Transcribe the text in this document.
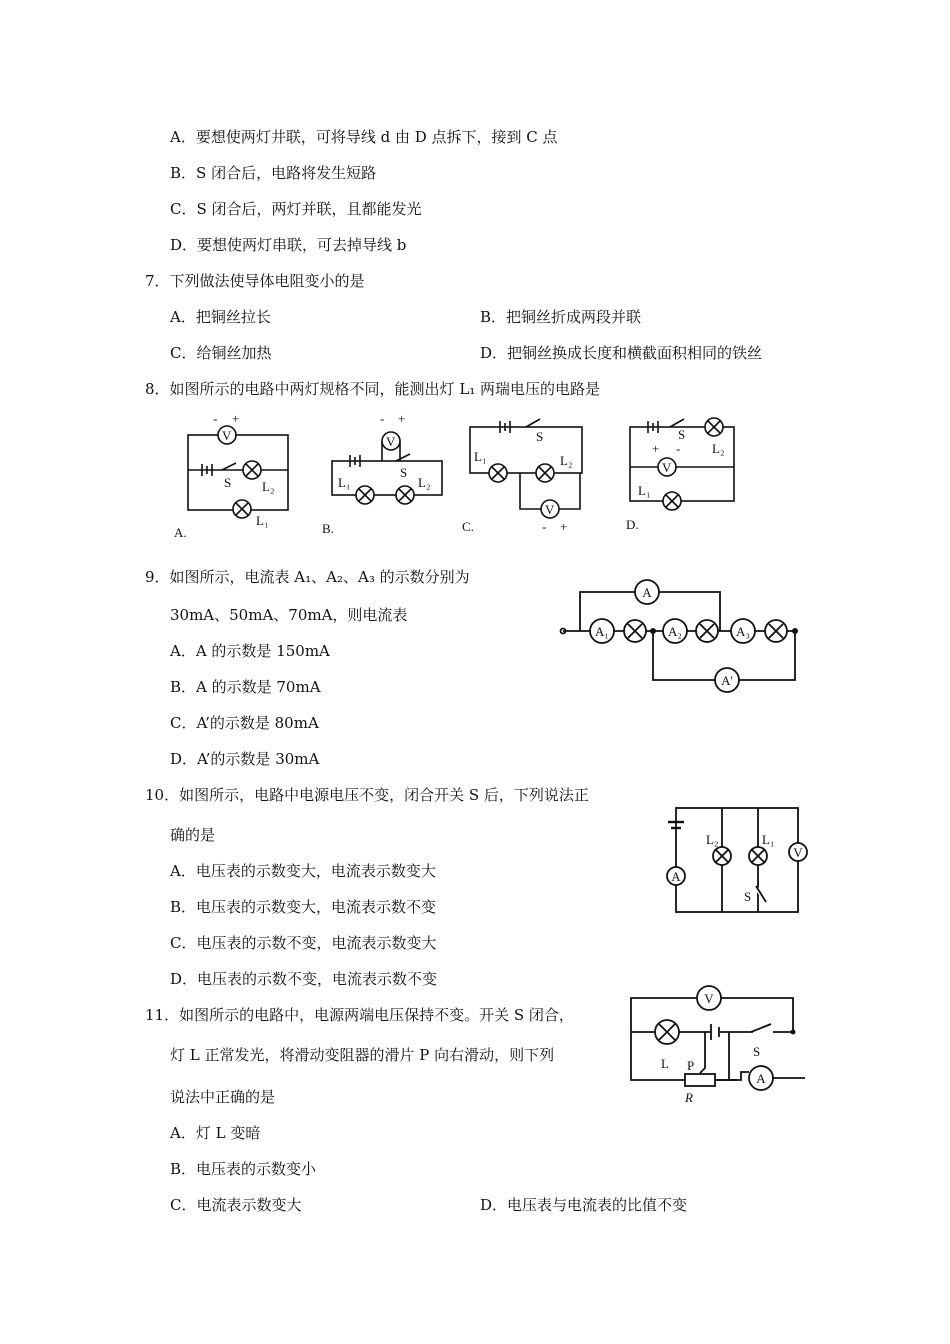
A．要想使两灯井联，可将导线 d 由 D 点拆下，接到 C 点
B．S 闭合后，电路将发生短路
C．S 闭合后，两灯并联，且都能发光
D．要想使两灯串联，可去掉导线 b
7．下列做法使导体电阻变小的是
A．把铜丝拉长	B．把铜丝折成两段并联
C．给铜丝加热	D．把铜丝换成长度和横截面积相同的铁丝
8．如图所示的电路中两灯规格不同，能测出灯 L₁ 两瑞电压的电路是
V
- +
S L₂
L₁
A.
V
- +
S
L₁	L₂
B.
S
L₁	L₂
V
- +
C.
S
L₂
+ -
V
L₁
D.
9．如图所示，电流表 A₁、A₂、A₃ 的示数分别为
30mA、50mA、70mA，则电流表
A．A 的示数是 150mA
B．A 的示数是 70mA
C．A’的示数是 80mA
D．A’的示数是 30mA
A
A₁	A₂	A₃
A'
10．如图所示，电路中电源电压不变，闭合开关 S 后，下列说法正
确的是
A．电压表的示数变大，电流表示数变大
B．电压表的示数变大，电流表示数不变
C．电压表的示数不变，电流表示数变大
D．电压表的示数不变，电流表示数不变
L₂	L₁
A
V
S
11．如图所示的电路中，电源两端电压保持不变。开关 S 闭合，
灯 L 正常发光，将滑动变阻器的滑片 P 向右滑动，则下列
说法中正确的是
A．灯 L 变暗
B．电压表的示数变小
C．电流表示数变大	D．电压表与电流表的比值不变
V
L P
S
A
R
